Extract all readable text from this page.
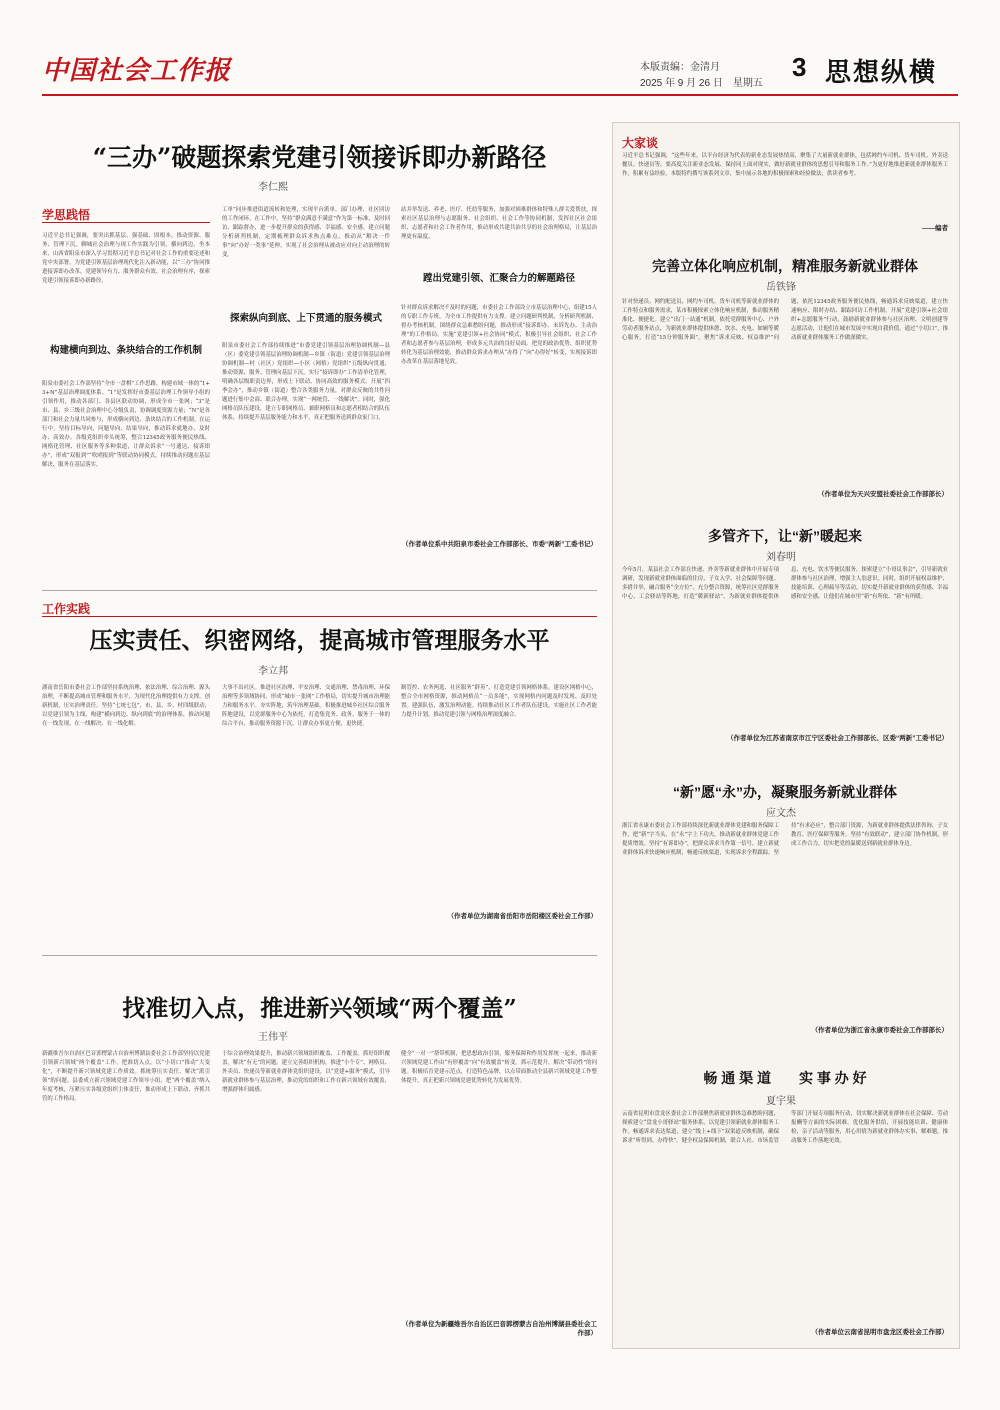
中国社会工作报	本版责编：金清月
2025 年 9 月 26 日　星期五
3 思想纵横
“三办”破题探索党建引领接诉即办新路径
李仁熙
学思践悟
习近平总书记强调，要突出抓基层、强基础、固根本，推动资源、服务、管理下沉。聊城社会治理与现工作实践为引领，横向到边、坐本来，山西省阳泉市深入学习贯彻习近平总书记对社会工作的重要论述和党中央部署，为党建引领基层治理现代化注入新动能，以“三办”协同推进接诉即办改革，党建领导有力、服务群众有效、社会治理有序，探索党建引领接诉即办新路径。
构建横向到边、条块结合的工作机制
阳泉市委社会工作部坚持“全市一盘棋”工作思路，构建市域一体的“1+3+N”基层治理调度体系。“1”是发挥好市委基层治理工作领导小组的引领作用，推动各部门、各县区联动协调，形成全市一张网；“3”是市、县、乡三级社会治理中心分级负责，协调调度资源力量；“N”是各部门和社会力量共同参与，形成横向到边、条块结合的工作机制。在运行中，坚持目标导向、问题导向、结果导向，推动诉求就地办、及时办、高效办。各级党组织牵头统筹，整合12345政务服务便民热线、网格化管理、社区服务等多种渠道，让群众诉求“一号通达、接诉即办”，形成“双报到”“吹哨报到”等联动协同模式，持续推动问题在基层解决、服务在基层落实。
工单”同步推进街道流转和处理，实现平台派单、部门办理、社区回访的工作闭环。在工作中，坚持“群众满意不满意”作为第一标准，及时回访、跟踪督办，进一步提升群众的获得感、幸福感、安全感。建立问题分析研判机制，定期梳理群众诉求热点难点，推动从“解决一件事”向“办好一类事”延伸，实现了社会治理从被动应对向主动治理的转变。
探索纵向到底、上下贯通的服务模式
阳泉市委社会工作部持续推进“市委党建引领基层治理协调机制—县（区）委党建引领基层治理协调机制—乡镇（街道）党建引领基层治理协调机制—村（社区）党组织—小区（网格）党组织”五级纵向贯通，推动资源、服务、管理向基层下沉。实行“接诉即办”工作清单化管理，明确各层级职责边界，形成上下联动、协同高效的服务模式。开展“四季会办”，推动乡镇（街道）整合各类服务力量，对群众反映的共性问题进行集中会商、联合办理，实现“一网统管、一线解决”。同时，强化网格员队伍建设，建立专职网格员、兼职网格员和志愿者相结合的队伍体系，持续提升基层服务能力和水平，真正把服务送到群众家门口。
站并举发送、养老、医疗、托幼等服务，加强对困难群体和特殊人群关爱帮扶，探索社区基层治理与志愿服务、社会组织、社会工作等协同机制，发挥社区社会组织、志愿者和社会工作者作用，推动形成共建共治共享的社会治理格局，让基层治理更有温度。
蹚出党建引领、汇聚合力的解题路径
针对群众诉求解决不及时的问题，市委社会工作部设立市基层治理中心，组建15人的专职工作专班，为全市工作提供有力支撑。建立问题研判机制、分析研判机制、督办考核机制，围绕群众急难愁盼问题，推动形成“接诉即办、未诉先办、主动治理”的工作格局。实施“党建引领+社会协同”模式，积极引导社会组织、社会工作者和志愿者参与基层治理，形成多元共治的良好局面。把党的政治优势、组织优势转化为基层治理效能，推动群众诉求办理从“办得了”向“办得好”转变，实现接诉即办改革在基层落地见效。
（作者单位系中共阳泉市委社会工作部部长、市委“两新”工委书记）
工作实践
压实责任、织密网络，提高城市管理服务水平
李立邦
湖南省岳阳市委社会工作部坚持系统治理、依法治理、综合治理、源头治理，不断提高城市管理和服务水平，为现代化治理提供有力支撑。创新机制，压实治理责任。坚持“七统七包”，市、县、乡、村四级联动，以党建引领为主线，构建“横向到边、纵向到底”的治理体系，推动问题在一线发现、在一线解决、在一线化解。
大事不出社区。推进社区治理、平安治理、交通治理、禁毒治理、环保治理等多领域协同，形成“城市一张网”工作格局，切实提升城市治理能力和服务水平。夯实阵地，筑牢治理基础。积极推进城乡社区综合服务阵地建设，以党群服务中心为依托，打造集党务、政务、服务于一体的综合平台，推动服务资源下沉，让群众办事更方便、更快捷。
制管控、农务两选、社区服务“群英”，打造党建引领网格体系。建设区网格中心，整合全市网格资源，推动网格员“一员多能”，实现网格内问题及时发现、及时处置。建强队伍，激发治理动能。持续推动社区工作者队伍建设，实施社区工作者能力提升计划，推动党建引领与网格治理深度融合。
（作者单位为湖南省岳阳市岳阳楼区委社会工作部）
找准切入点，推进新兴领域“两个覆盖”
王伟平
新疆维吾尔自治区巴音郭楞蒙古自治州博湖县委社会工作部坚持以党建引领新兴领域“两个覆盖”工作，把准切入点，以“小切口”推动“大变化”，不断提升新兴领域党建工作质效。抓统筹压实责任，解决“派引领”的问题。县委成立新兴领域党建工作领导小组，把“两个覆盖”纳入年度考核，压紧压实各级党组织主体责任，推动形成上下联动、齐抓共管的工作格局。
于综合治理效果提升，推动新兴领域组织覆盖、工作覆盖。抓好组织覆盖，解决“有无”的问题。建立完善组织机构，推进“小个专”、网格员、外卖员、快递员等新就业群体党组织建设，以“党建+服务”模式，引导新就业群体参与基层治理，推动党的组织和工作在新兴领域有效覆盖，增强群体归属感。
健全“一对一”帮带机制，把思想政治引领、服务保障和作用发挥统一起来，推动新兴领域党建工作由“有形覆盖”向“有效覆盖”转变。抓示范提升，解决“带动性”的问题。积极培育党建示范点，打造特色品牌，以点带面推动全县新兴领域党建工作整体提升，真正把新兴领域党建优势转化为发展优势。
（作者单位为新疆维吾尔自治区巴音郭楞蒙古自治州博湖县委社会工作部）
大家谈
习近平总书记强调，“这些年来，以平台经济为代表的新业态发展热情高，聚集了大量新就业群体，包括网约车司机、货车司机、外卖送餐员、快递员等，要高度关注新业态发展、保持同上面对现实，做好新就业群体的思想引导和服务工作。”为更好地推进新就业群体服务工作，积累有益经验，本版特约撰写该系列文章，集中展示各地的积极探索和经验做法，供读者参考。
——编者
完善立体化响应机制，精准服务新就业群体
岳铁锋
针对快递员、网约配送员、网约车司机、货车司机等新就业群体的工作特点和服务需求，某市积极探索立体化响应机制，推动服务精准化、便捷化。建立“出门一站通”机制，依托党群服务中心、户外劳动者服务站点，为新就业群体提供休憩、饮水、充电、如厕等暖心服务，打造“15分钟服务圈”。聚焦“诉求反映、权益维护”问题，依托12345政务服务便民热线，畅通诉求反映渠道，建立快速响应、限时办结、跟踪回访工作机制。开展“党建引领+社会组织+志愿服务”行动，鼓励新就业群体参与社区治理、文明创建等志愿活动，让他们在城市发展中实现自我价值。通过“小切口”，推动新就业群体服务工作做深做实。
（作者单位为天兴安盟社委社会工作部部长）
多管齐下，让“新”暖起来
刘春明
今年5月，某县社会工作部在快递、外卖等新就业群体中开展专项调研，发现新就业群体面临的住房、子女入学、社会保障等问题。多措并举，融合服务“全方位”。充分整合资源，统筹社区党群服务中心、工会驿站等阵地，打造“暖新驿站”，为新就业群体提供休息、充电、饮水等便民服务。探索建立“小哥议事会”，引导新就业群体参与社区治理，增强主人翁意识。同时，组织开展权益维护、技能培训、心理疏导等活动，切实提升新就业群体的获得感、幸福感和安全感，让他们在城市里“新”有所依、“新”有所暖。
（作者单位为江苏省南京市江宁区委社会工作部部长、区委“两新”工委书记）
“新”愿“永”办，凝聚服务新就业群体
应文杰
浙江省永康市委社会工作部持续深化新就业群体党建和服务保障工作，把“新”字当头，在“永”字上下功夫，推动新就业群体党建工作提质增效。坚持“有诉即办”，把群众诉求当作第一信号，建立新就业群体诉求快速响应机制，畅通反映渠道，实现诉求全程跟踪。坚持“有求必应”，整合部门资源，为新就业群体提供法律咨询、子女教育、医疗保障等服务。坚持“有效联动”，建立部门协作机制，形成工作合力，切实把党的温暖送到新就业群体身边。
（作者单位为浙江省永康市委社会工作部部长）
畅 通 渠 道　　实 事 办 好
夏宇果
云南省昆明市盘龙区委社会工作部聚焦新就业群体急难愁盼问题，探索建立“盘龙小哥驿站”服务体系，以党建引领新就业群体服务工作。畅通诉求表达渠道，建立“线上+线下”双渠道反映机制，确保诉求“听得到、办得快”。健全权益保障机制，联合人社、市场监管等部门开展专项服务行动，切实解决新就业群体在社会保障、劳动报酬等方面的实际困难。优化服务供给，开展技能培训、健康体检、亲子活动等服务，用心用情为新就业群体办实事、解难题，推动服务工作落地见效。
（作者单位云南省昆明市盘龙区委社会工作部）
